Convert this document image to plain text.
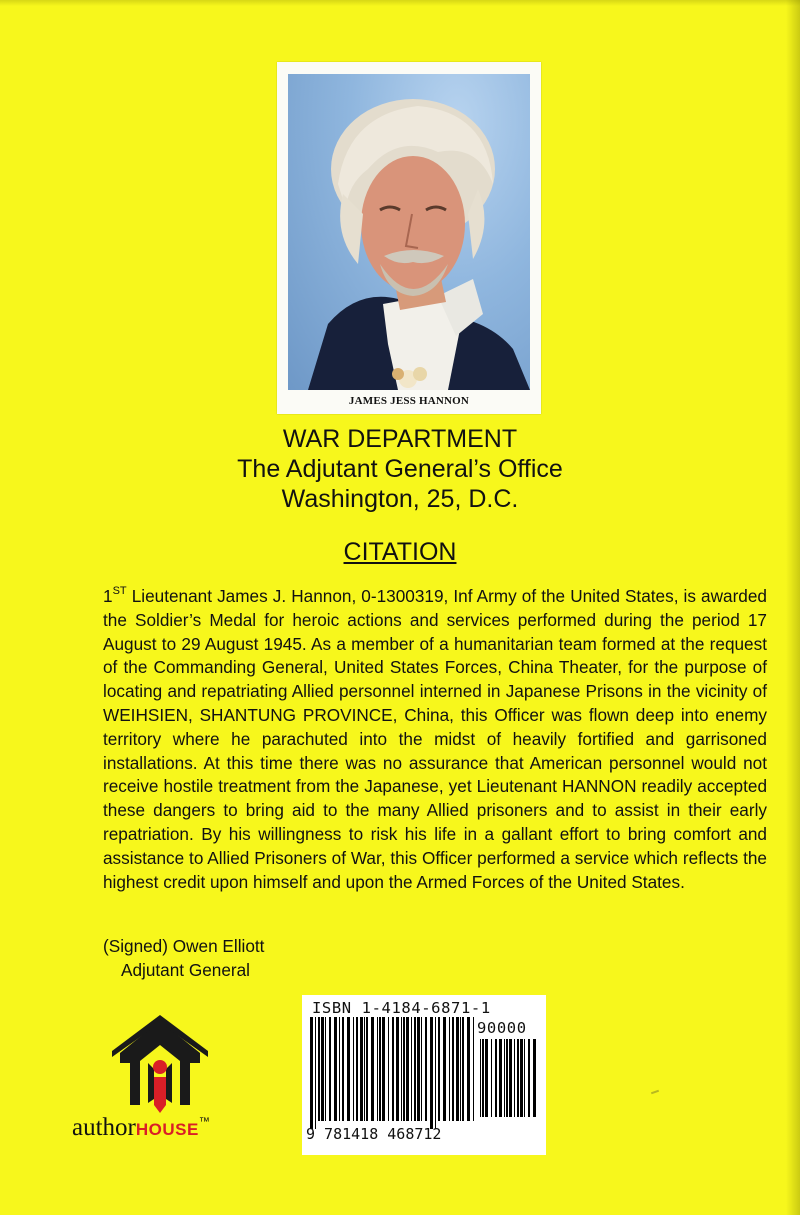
JAMES JESS HANNON
WAR DEPARTMENT
The Adjutant General’s Office
Washington, 25, D.C.
CITATION
1ST Lieutenant James J. Hannon, 0-1300319, Inf Army of the United States, is awarded the Soldier’s Medal for heroic actions and services performed during the period 17 August to 29 August 1945. As a member of a humanitarian team formed at the request of the Commanding General, United States Forces, China Theater, for the purpose of locating and repatriating Allied personnel interned in Japanese Prisons in the vicinity of WEIHSIEN, SHANTUNG PROVINCE, China, this Officer was flown deep into enemy territory where he parachuted into the midst of heavily fortified and garrisoned installations. At this time there was no assurance that American personnel would not receive hostile treatment from the Japanese, yet Lieutenant HANNON readily accepted these dangers to bring aid to the many Allied prisoners and to assist in their early repatriation. By his willingness to risk his life in a gallant effort to bring comfort and assistance to Allied Prisoners of War, this Officer performed a service which reflects the highest credit upon himself and upon the Armed Forces of the United States.
(Signed) Owen Elliott
Adjutant General
authorHOUSE™
ISBN 1-4184-6871-1
90000
9 781418 468712
